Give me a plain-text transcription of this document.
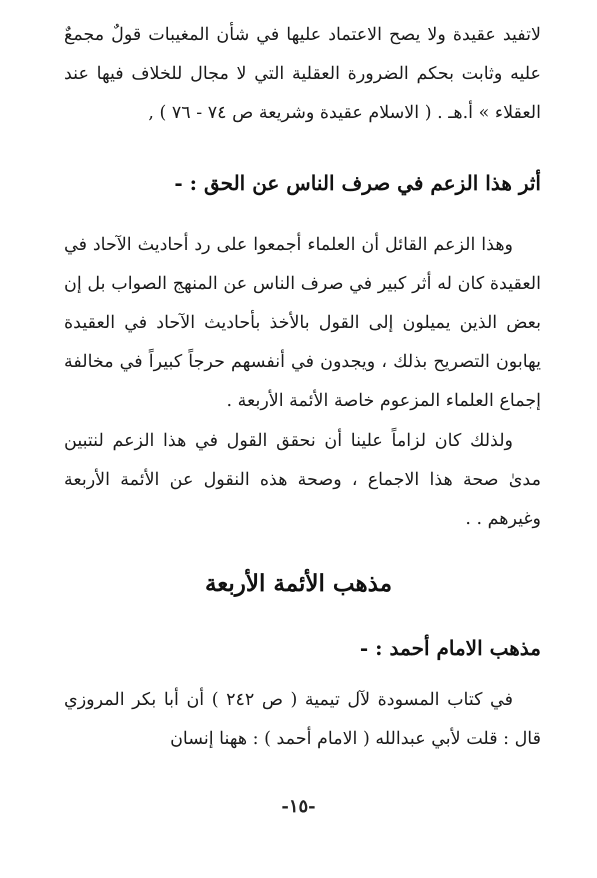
لاتفيد عقيدة ولا يصح الاعتماد عليها في شأن المغيبات قولٌ مجمعٌ عليه وثابت بحكم الضرورة العقلية التي لا مجال للخلاف فيها عند العقلاء » أ.هـ . ( الاسلام عقيدة وشريعة ص ٧٤ - ٧٦ ) ,

أثر هذا الزعم في صرف الناس عن الحق : -

وهذا الزعم القائل أن العلماء أجمعوا على رد أحاديث الآحاد في العقيدة كان له أثر كبير في صرف الناس عن المنهج الصواب بل إن بعض الذين يميلون إلى القول بالأخذ بأحاديث الآحاد في العقيدة يهابون التصريح بذلك ، ويجدون في أنفسهم حرجاً كبيراً في مخالفة إجماع العلماء المزعوم خاصة الأئمة الأربعة .

ولذلك كان لزاماً علينا أن نحقق القول في هذا الزعم لنتبين مدىٰ صحة هذا الاجماع ، وصحة هذه النقول عن الأئمة الأربعة وغيرهم . .

مذهب الأئمة الأربعة
مذهب الامام أحمد : -

في كتاب المسودة لآل تيمية ( ص ٢٤٢ ) أن أبا بكر المروزي قال : قلت لأبي عبدالله ( الامام أحمد ) : ههنا إنسان

-١٥-
